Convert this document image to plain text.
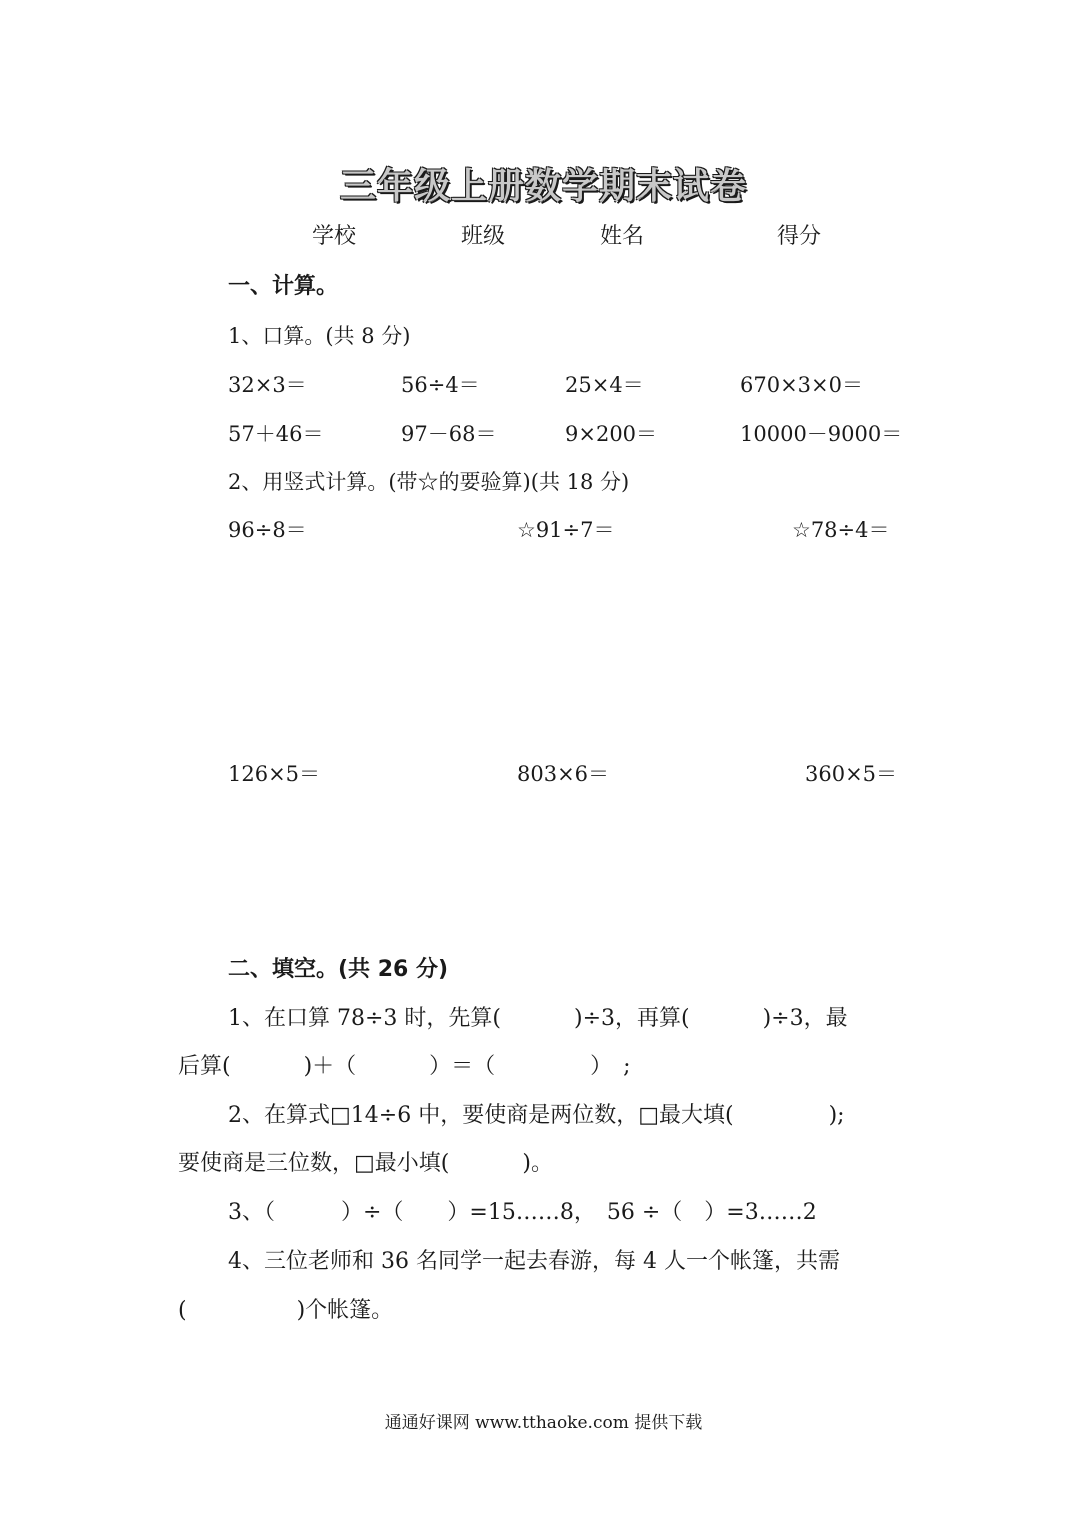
三年级上册数学期末试卷
学校	班级	姓名	得分
一、计算。
1、口算。(共 8 分)
32×3＝	56÷4＝	25×4＝	670×3×0＝
57＋46＝	97－68＝	9×200＝	10000－9000＝
2、用竖式计算。(带☆的要验算)(共 18 分)
96÷8＝	☆91÷7＝	☆78÷4＝
126×5＝	803×6＝	360×5＝
二、填空。(共 26 分)
1、在口算 78÷3 时，先算(　　　 )÷3，再算(　　　 )÷3，最
后算(　　　 )＋（　　　 ）＝（　　　　 ）　;
2、在算式□14÷6 中，要使商是两位数，□最大填(　　　　 );
要使商是三位数，□最小填(　　　 )。
3、（　　　）÷（　　）=15……8，　56 ÷（　）=3……2
4、三位老师和 36 名同学一起去春游，每 4 人一个帐篷，共需
(　　　　　)个帐篷。
通通好课网 www.tthaoke.com 提供下载
